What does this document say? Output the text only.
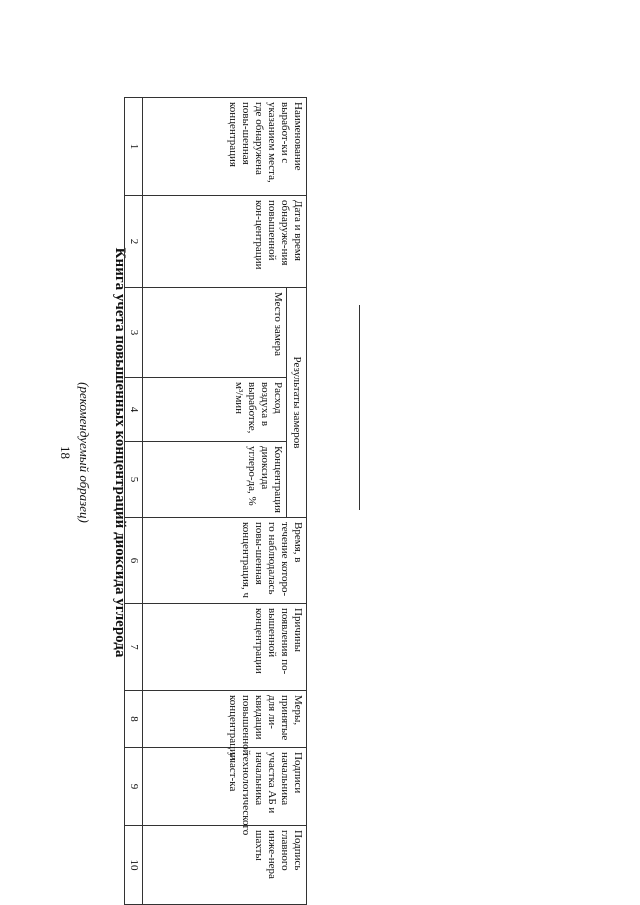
(рекомендуемый образец)
18	Книга учета повышенных концентраций диоксида углерода
Наименование выработ-ки с указанием места, где обнаружена повы-шенная концентрация	Дата и время обнаруже-ния повышенной кон-центрации	Результаты замеров			Время, в течение которо-го наблюдалась повы-шенная концентрация, ч	Причины появления по-вышенной концентрации	Меры, принятые для ли-квидации повышенной концентрации	Подписи начальника участка АБ и начальника технологического участ-ка	Подпись главного инже-нера шахты
		Место замера	Расход воздуха в выработке, м³/мин	Концентрация диоксида углеро-да, %					
1	2	3	4	5	6	7	8	9	10
